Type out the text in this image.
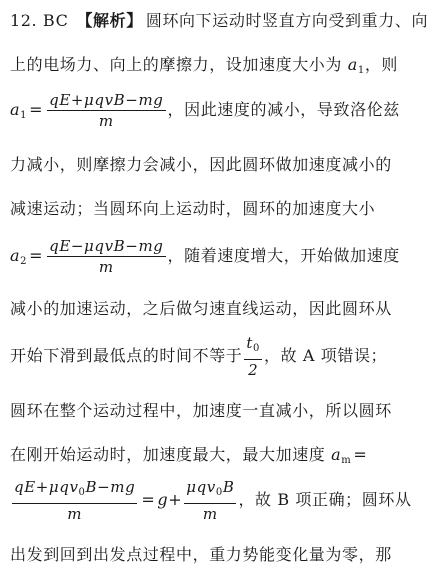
12. BC 【解析】 圆环向下运动时竖直方向受到重力、向
上的电场力、向上的摩擦力，设加速度大小为 $a_1$，则
$a_1 = \frac{\text{qE+μqvB−mg}}{m}$ ，因此速度的减小，导致洛伦兹
力减小，则摩擦力会减小，因此圆环做加速度减小的
减速运动；当圆环向上运动时，圆环的加速度大小
$a_2 = \frac{\text{qE−μqvB−mg}}{m}$ ，随着速度增大，开始做加速度
减小的加速运动，之后做匀速直线运动，因此圆环从
开始下滑到最低点的时间不等于 $\frac{t_0}{2}$ ，故 A 项错误；
圆环在整个运动过程中，加速度一直减小，所以圆环
在刚开始运动时，加速度最大，最大加速度 $a_m$ =
$\frac{qE+\mu qv_0B-mg}{m} = g+ \frac{\mu qv_0B}{m}$ ，故 B 项正确；圆环从
出发到回到出发点过程中，重力势能变化量为零，那
